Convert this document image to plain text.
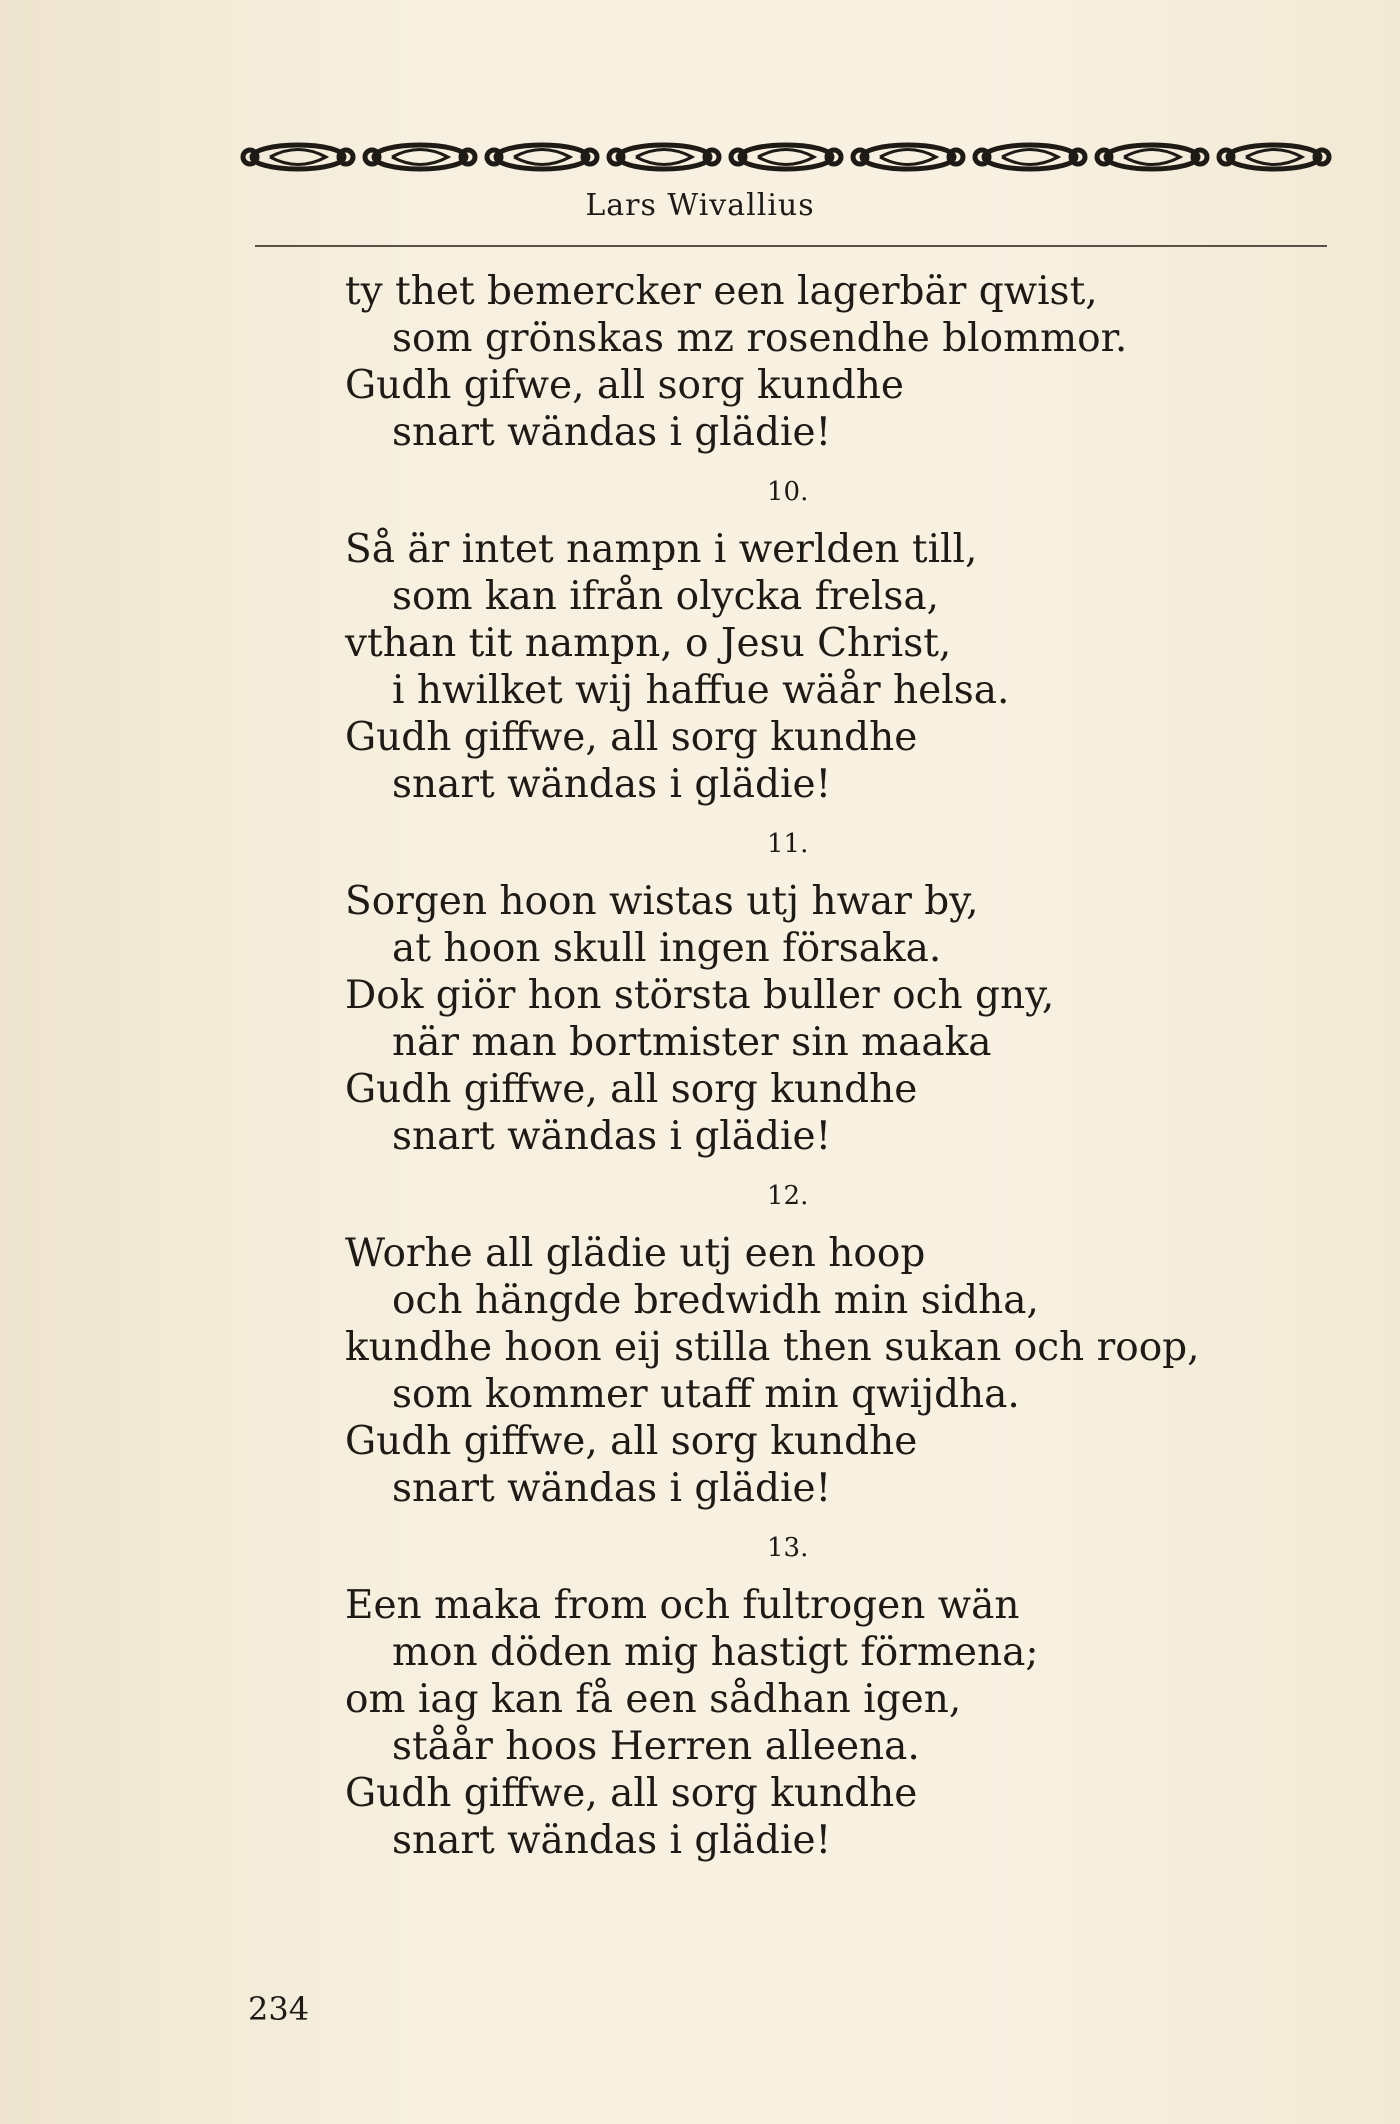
Lars Wivallius
ty thet bemercker een lagerbär qwist,
som grönskas mz rosendhe blommor.
Gudh gifwe, all sorg kundhe
snart wändas i glädie!
10.
Så är intet nampn i werlden till,
som kan ifrån olycka frelsa,
vthan tit nampn, o Jesu Christ,
i hwilket wij haffue wäår helsa.
Gudh giffwe, all sorg kundhe
snart wändas i glädie!
11.
Sorgen hoon wistas utj hwar by,
at hoon skull ingen försaka.
Dok giör hon största buller och gny,
när man bortmister sin maaka
Gudh giffwe, all sorg kundhe
snart wändas i glädie!
12.
Worhe all glädie utj een hoop
och hängde bredwidh min sidha,
kundhe hoon eij stilla then sukan och roop,
som kommer utaff min qwijdha.
Gudh giffwe, all sorg kundhe
snart wändas i glädie!
13.
Een maka from och fultrogen wän
mon döden mig hastigt förmena;
om iag kan få een sådhan igen,
ståår hoos Herren alleena.
Gudh giffwe, all sorg kundhe
snart wändas i glädie!
234
